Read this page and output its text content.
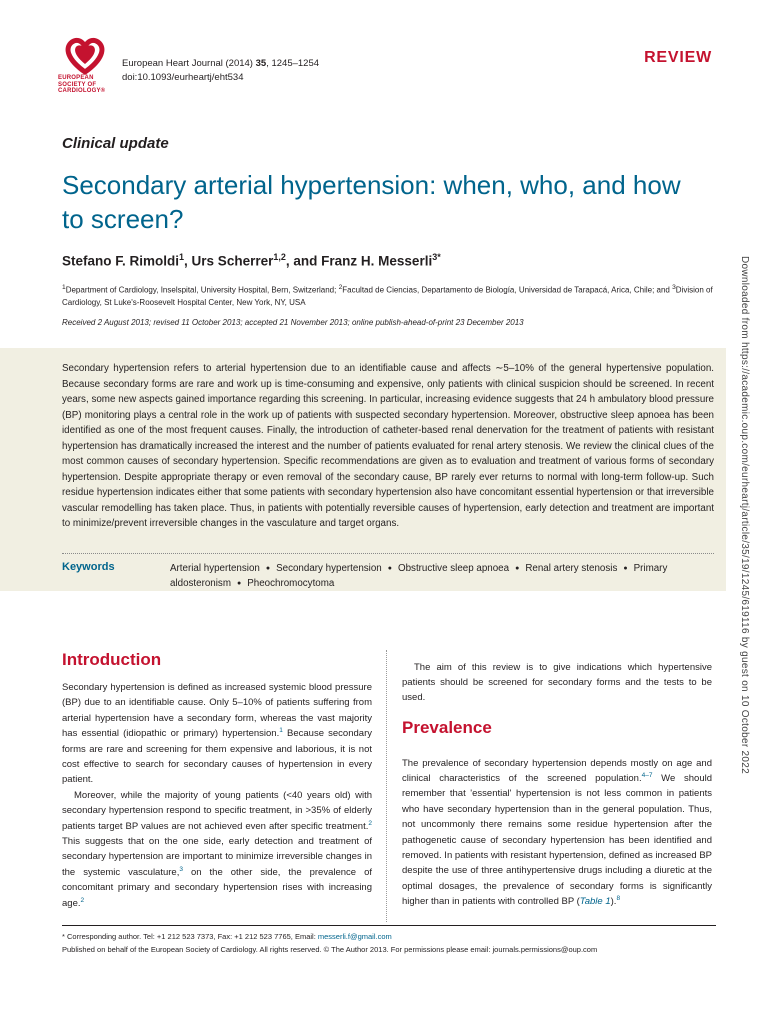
EUROPEAN SOCIETY OF CARDIOLOGY®
European Heart Journal (2014) 35, 1245–1254
doi:10.1093/eurheartj/eht534
REVIEW
Clinical update
Secondary arterial hypertension: when, who, and how to screen?
Stefano F. Rimoldi$^1$, Urs Scherrer$^{1,2}$, and Franz H. Messerli$^{3*}$
$^1$Department of Cardiology, Inselspital, University Hospital, Bern, Switzerland; $^2$Facultad de Ciencias, Departamento de Biología, Universidad de Tarapacá, Arica, Chile; and $^3$Division of Cardiology, St Luke's-Roosevelt Hospital Center, New York, NY, USA
Received 2 August 2013; revised 11 October 2013; accepted 21 November 2013; online publish-ahead-of-print 23 December 2013
Secondary hypertension refers to arterial hypertension due to an identifiable cause and affects ∼5–10% of the general hypertensive population. Because secondary forms are rare and work up is time-consuming and expensive, only patients with clinical suspicion should be screened. In recent years, some new aspects gained importance regarding this screening. In particular, increasing evidence suggests that 24 h ambulatory blood pressure (BP) monitoring plays a central role in the work up of patients with suspected secondary hypertension. Moreover, obstructive sleep apnoea has been identified as one of the most frequent causes. Finally, the introduction of catheter-based renal denervation for the treatment of patients with resistant hypertension has dramatically increased the interest and the number of patients evaluated for renal artery stenosis. We review the clinical clues of the most common causes of secondary hypertension. Specific recommendations are given as to evaluation and treatment of various forms of secondary hypertension. Despite appropriate therapy or even removal of the secondary cause, BP rarely ever returns to normal with long-term follow-up. Such residue hypertension indicates either that some patients with secondary hypertension also have concomitant essential hypertension or that irreversible vascular remodelling has taken place. Thus, in patients with potentially reversible causes of hypertension, early detection and treatment are important to minimize/prevent irreversible changes in the vasculature and target organs.
Keywords	Arterial hypertension ● Secondary hypertension ● Obstructive sleep apnoea ● Renal artery stenosis ● Primary aldosteronism ● Pheochromocytoma
Introduction

Secondary hypertension is defined as increased systemic blood pressure (BP) due to an identifiable cause. Only 5–10% of patients suffering from arterial hypertension have a secondary form, whereas the vast majority has essential (idiopathic or primary) hypertension.$^1$ Because secondary forms are rare and screening for them expensive and laborious, it is not cost effective to search for secondary causes of hypertension in every patient.

Moreover, while the majority of young patients (<40 years old) with secondary hypertension respond to specific treatment, in >35% of elderly patients target BP values are not achieved even after specific treatment.$^2$ This suggests that on the one side, early detection and treatment of secondary hypertension are important to minimize irreversible changes in the systemic vasculature,$^3$ on the other side, the prevalence of concomitant primary and secondary hypertension rises with increasing age.$^2$

The aim of this review is to give indications which hypertensive patients should be screened for secondary forms and the tests to be used.

Prevalence

The prevalence of secondary hypertension depends mostly on age and clinical characteristics of the screened population.$^{4-7}$ We should remember that 'essential' hypertension is not less common in patients who have secondary hypertension than in the general population. Thus, not uncommonly there remains some residue hypertension after the pathogenetic cause of secondary hypertension has been identified and removed. In patients with resistant hypertension, defined as increased BP despite the use of three antihypertensive drugs including a diuretic at the optimal dosages, the prevalence of secondary forms is significantly higher than in patients with controlled BP (Table 1).$^8$

* Corresponding author. Tel: +1 212 523 7373, Fax: +1 212 523 7765, Email: messerli.f@gmail.com
Published on behalf of the European Society of Cardiology. All rights reserved. © The Author 2013. For permissions please email: journals.permissions@oup.com
Downloaded from https://academic.oup.com/eurheartj/article/35/19/1245/619116 by guest on 10 October 2022
